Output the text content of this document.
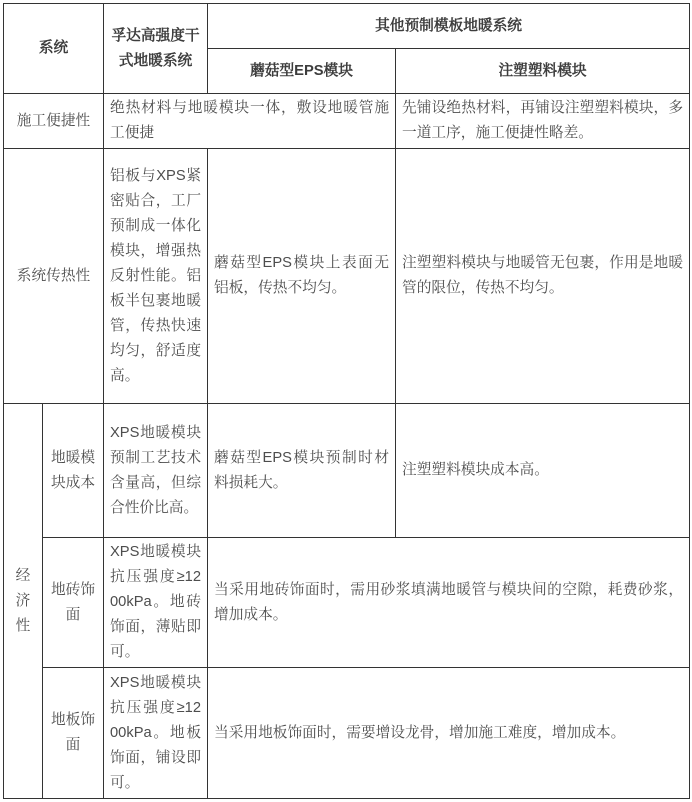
系统		孚达高强度干式地暖系统	其他预制模板地暖系统	
			蘑菇型EPS模块	注塑塑料模块
施工便捷性		绝热材料与地暖模块一体，敷设地暖管施工便捷		先铺设绝热材料，再铺设注塑塑料模块，多一道工序，施工便捷性略差。
系统传热性		铝板与XPS紧密贴合，工厂预制成一体化模块，增强热反射性能。铝板半包裹地暖管，传热快速均匀，舒适度高。	蘑菇型EPS模块上表面无铝板，传热不均匀。	注塑塑料模块与地暖管无包裹，作用是地暖管的限位，传热不均匀。
经济性	地暖模块成本	XPS地暖模块预制工艺技术含量高，但综合性价比高。	蘑菇型EPS模块预制时材料损耗大。	注塑塑料模块成本高。
	地砖饰面	XPS地暖模块抗压强度≥1200kPa。地砖饰面，薄贴即可。	当采用地砖饰面时，需用砂浆填满地暖管与模块间的空隙，耗费砂浆，增加成本。	
	地板饰面	XPS地暖模块抗压强度≥1200kPa。地板饰面，铺设即可。	当采用地板饰面时，需要增设龙骨，增加施工难度，增加成本。	
